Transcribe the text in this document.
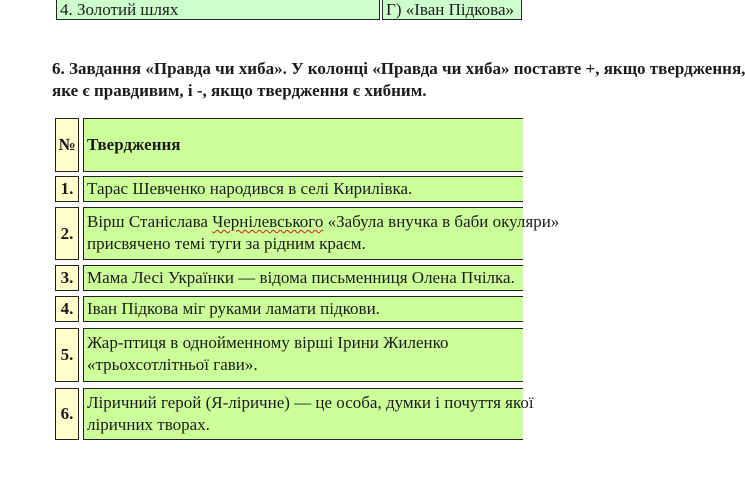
4. Золотий шлях	Г) «Іван Підкова»
6. Завдання «Правда чи хиба». У колонці «Правда чи хиба» поставте +, якщо твердження,
яке є правдивим, і -, якщо твердження є хибним.
№ Твердження
1. Тарас Шевченко народився в селі Кирилівка.
2.
Вірш Станіслава Чернілевського «Забула внучка в баби окуляри»
присвячено темі туги за рідним краєм.
3. Мама Лесі Українки — відома письменниця Олена Пчілка.
4. Іван Підкова міг руками ламати підкови.
5.
Жар-птиця в однойменному вірші Ірини Жиленко
«трьохсотлітньої гави».
6.
Ліричний герой (Я-ліричне) — це особа, думки і почуття якої
ліричних творах.
